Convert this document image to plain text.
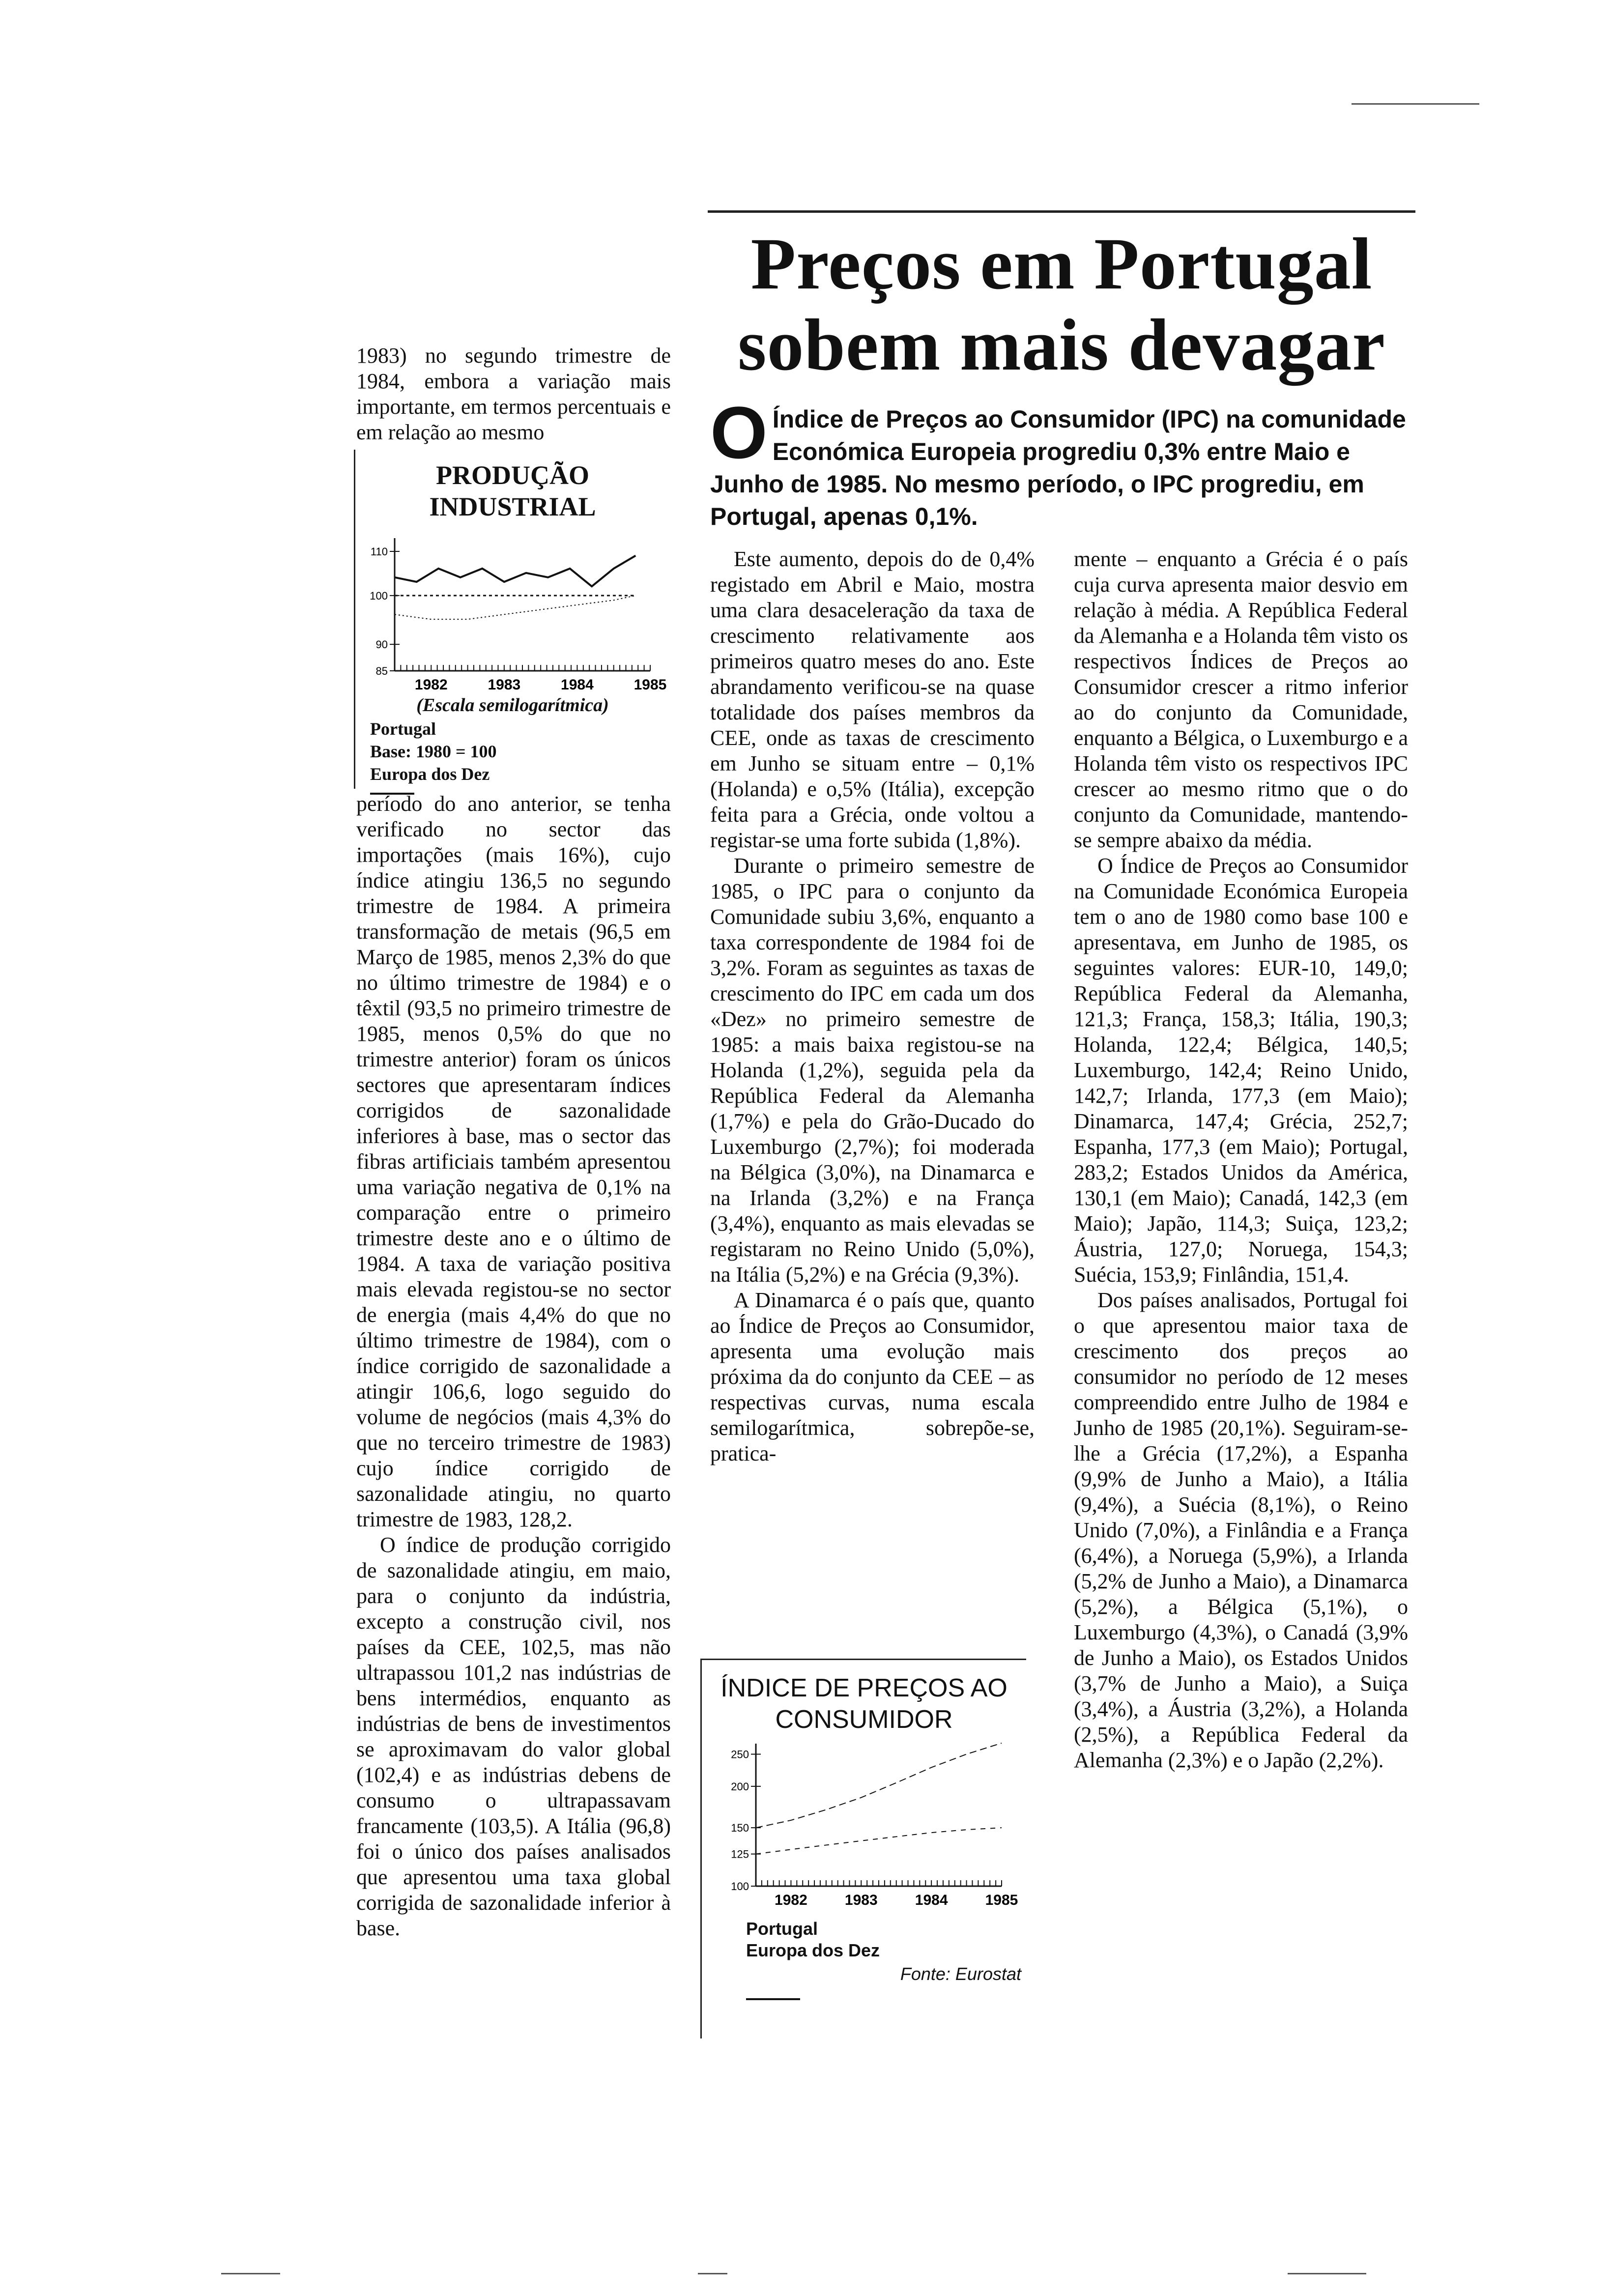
Preços em Portugal
sobem mais devagar
O Índice de Preços ao Consumidor (IPC) na comunidade Económica Europeia progrediu 0,3% entre Maio e Junho de 1985. No mesmo período, o IPC progrediu, em Portugal, apenas 0,1%.

1983) no segundo trimestre de 1984, embora a variação mais importante, em termos percentuais e em relação ao mesmo

PRODUÇÃO INDUSTRIAL
110
100
90
85
1982	1983	1984	1985
(Escala semilogarítmica)
Portugal
Base: 1980 = 100
Europa dos Dez

período do ano anterior, se tenha verificado no sector das importações (mais 16%), cujo índice atingiu 136,5 no segundo trimestre de 1984. A primeira transformação de metais (96,5 em Março de 1985, menos 2,3% do que no último trimestre de 1984) e o têxtil (93,5 no primeiro trimestre de 1985, menos 0,5% do que no trimestre anterior) foram os únicos sectores que apresentaram índices corrigidos de sazonalidade inferiores à base, mas o sector das fibras artificiais também apresentou uma variação negativa de 0,1% na comparação entre o primeiro trimestre deste ano e o último de 1984. A taxa de variação positiva mais elevada registou-se no sector de energia (mais 4,4% do que no último trimestre de 1984), com o índice corrigido de sazonalidade a atingir 106,6, logo seguido do volume de negócios (mais 4,3% do que no terceiro trimestre de 1983) cujo índice corrigido de sazonalidade atingiu, no quarto trimestre de 1983, 128,2.

O índice de produção corrigido de sazonalidade atingiu, em maio, para o conjunto da indústria, excepto a construção civil, nos países da CEE, 102,5, mas não ultrapassou 101,2 nas indústrias de bens intermédios, enquanto as indústrias de bens de investimentos se aproximavam do valor global (102,4) e as indústrias debens de consumo o ultrapassavam francamente (103,5). A Itália (96,8) foi o único dos países analisados que apresentou uma taxa global corrigida de sazonalidade inferior à base.

Este aumento, depois do de 0,4% registado em Abril e Maio, mostra uma clara desaceleração da taxa de crescimento relativamente aos primeiros quatro meses do ano. Este abrandamento verificou-se na quase totalidade dos países membros da CEE, onde as taxas de crescimento em Junho se situam entre – 0,1% (Holanda) e o,5% (Itália), excepção feita para a Grécia, onde voltou a registar-se uma forte subida (1,8%).

Durante o primeiro semestre de 1985, o IPC para o conjunto da Comunidade subiu 3,6%, enquanto a taxa correspondente de 1984 foi de 3,2%. Foram as seguintes as taxas de crescimento do IPC em cada um dos «Dez» no primeiro semestre de 1985: a mais baixa registou-se na Holanda (1,2%), seguida pela da República Federal da Alemanha (1,7%) e pela do Grão-Ducado do Luxemburgo (2,7%); foi moderada na Bélgica (3,0%), na Dinamarca e na Irlanda (3,2%) e na França (3,4%), enquanto as mais elevadas se registaram no Reino Unido (5,0%), na Itália (5,2%) e na Grécia (9,3%).

A Dinamarca é o país que, quanto ao Índice de Preços ao Consumidor, apresenta uma evolução mais próxima da do conjunto da CEE – as respectivas curvas, numa escala semilogarítmica, sobrepõe-se, pratica-

ÍNDICE DE PREÇOS AO CONSUMIDOR
250
200
150
125
100
1982	1983	1984	1985
Portugal
Europa dos Dez
Fonte: Eurostat

mente – enquanto a Grécia é o país cuja curva apresenta maior desvio em relação à média. A República Federal da Alemanha e a Holanda têm visto os respectivos Índices de Preços ao Consumidor crescer a ritmo inferior ao do conjunto da Comunidade, enquanto a Bélgica, o Luxemburgo e a Holanda têm visto os respectivos IPC crescer ao mesmo ritmo que o do conjunto da Comunidade, mantendo-se sempre abaixo da média.

O Índice de Preços ao Consumidor na Comunidade Económica Europeia tem o ano de 1980 como base 100 e apresentava, em Junho de 1985, os seguintes valores: EUR-10, 149,0; República Federal da Alemanha, 121,3; França, 158,3; Itália, 190,3; Holanda, 122,4; Bélgica, 140,5; Luxemburgo, 142,4; Reino Unido, 142,7; Irlanda, 177,3 (em Maio); Dinamarca, 147,4; Grécia, 252,7; Espanha, 177,3 (em Maio); Portugal, 283,2; Estados Unidos da América, 130,1 (em Maio); Canadá, 142,3 (em Maio); Japão, 114,3; Suiça, 123,2; Áustria, 127,0; Noruega, 154,3; Suécia, 153,9; Finlândia, 151,4.

Dos países analisados, Portugal foi o que apresentou maior taxa de crescimento dos preços ao consumidor no período de 12 meses compreendido entre Julho de 1984 e Junho de 1985 (20,1%). Seguiram-se-lhe a Grécia (17,2%), a Espanha (9,9% de Junho a Maio), a Itália (9,4%), a Suécia (8,1%), o Reino Unido (7,0%), a Finlândia e a França (6,4%), a Noruega (5,9%), a Irlanda (5,2% de Junho a Maio), a Dinamarca (5,2%), a Bélgica (5,1%), o Luxemburgo (4,3%), o Canadá (3,9% de Junho a Maio), os Estados Unidos (3,7% de Junho a Maio), a Suiça (3,4%), a Áustria (3,2%), a Holanda (2,5%), a República Federal da Alemanha (2,3%) e o Japão (2,2%).
